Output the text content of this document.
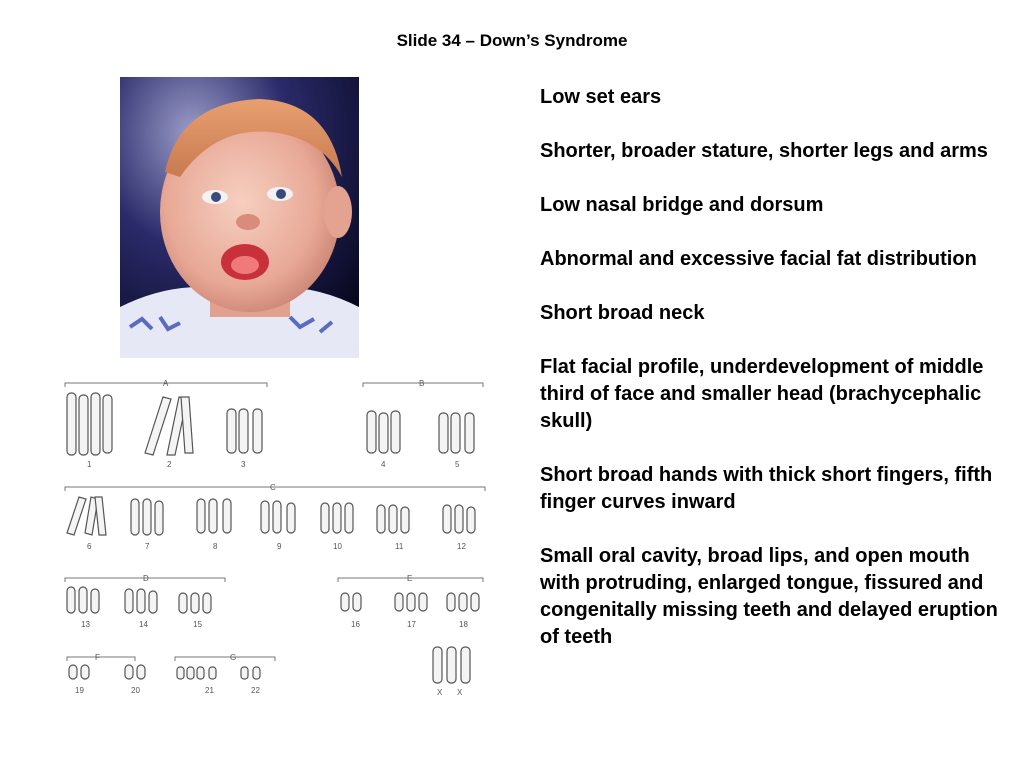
Slide 34 – Down’s Syndrome
A	B
C
D	E
F	G
1	2	3	4	5
6	7	8	9	10	11	12
13	14	15	16	17	18
19	20	21	22	X X
Low set ears
Shorter, broader stature, shorter legs and arms
Low nasal bridge and dorsum
Abnormal and excessive facial fat distribution
Short broad neck
Flat facial profile, underdevelopment of middle third of face and smaller head (brachycephalic skull)
Short broad hands with thick short fingers, fifth finger curves inward
Small oral cavity, broad lips, and open mouth with protruding, enlarged tongue, fissured and congenitally missing teeth and delayed eruption of teeth
